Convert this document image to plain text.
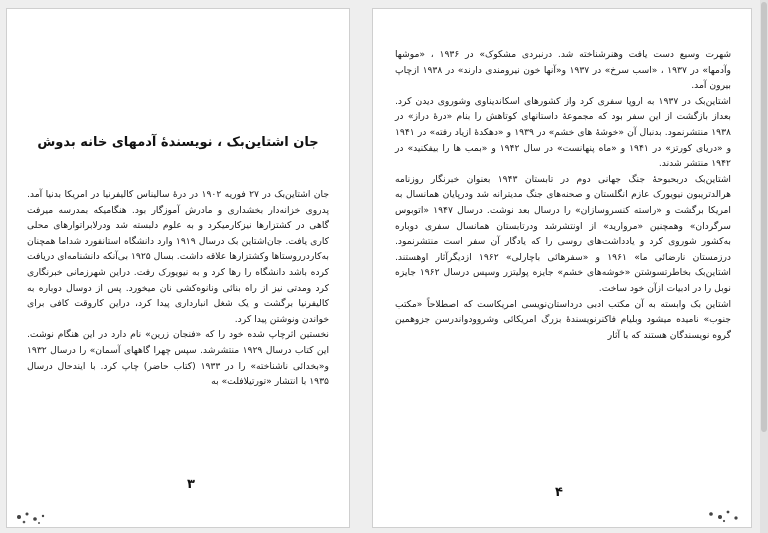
جان اشتاین‌بک ، نویسندهٔ آدمهای خانه بدوش

جان اشتاین‌بک در ۲۷ فوریه ۱۹۰۲ در درهٔ سالیناس کالیفرنیا در امریکا بدنیا آمد. پدروی خزانه‌دار بخشداری و مادرش آموزگار بود. هنگامیکه بمدرسه میرفت گاهی در کشتزارها نیزکارمیکرد و به علوم دلبسته شد ودرلابراتوارهای محلی کاری یافت. جان‌اشتاین بک درسال ۱۹۱۹ وارد دانشگاه استانفورد شداما همچنان به‌کاردرروستاها وکشتزارها علاقه داشت. بسال ۱۹۲۵ بی‌آنکه دانشنامه‌ای دریافت کرده باشد دانشگاه را رها کرد و به نیویورک رفت. دراین شهرزمانی خبرنگاری کرد ومدتی نیز از راه بنائی ونانوه‌کشی نان میخورد. پس از دوسال دوباره به کالیفرنیا برگشت و یک شغل انبارداری پیدا کرد، دراین کاروقت کافی برای خواندن ونوشتن پیدا کرد.

نخستین اثرچاپ شده خود را که «فنجان زرین» نام دارد در این هنگام نوشت. این کتاب درسال ۱۹۲۹ منتشرشد. سپس چهرا گاههای آسمان» را درسال ۱۹۳۲ و«بخدائی ناشناخته» را در ۱۹۳۳ (کتاب حاضر) چاپ کرد. با ایندحال درسال ۱۹۳۵ با انتشار «تورتیلافلت» به

۳

شهرت وسیع دست یافت وهنرشناخته شد. درنبردی مشکوک» در ۱۹۳۶ ، «موشها وآدمها» در ۱۹۳۷ ، «اسب سرخ» در ۱۹۳۷ و«آنها خون نیرومندی دارند» در ۱۹۳۸ ازچاپ بیرون آمد.

اشتاین‌بک در ۱۹۳۷ به اروپا سفری کرد واز کشورهای اسکاندیناوی وشوروی دیدن کرد. بعداز بازگشت از این سفر بود که مجموعهٔ داستانهای کوتاهش را بنام «درهٔ دراز» در ۱۹۳۸ منتشرنمود. بدنبال آن «خوشهٔ های خشم» در ۱۹۳۹ و «دهکدهٔ ازیاد رفته» در ۱۹۴۱ و «دریای کورتز» در ۱۹۴۱ و «ماه پنهانست» در سال ۱۹۴۲ و «بمب ها را بیفکنید» در ۱۹۴۲ منتشر شدند.

اشتاین‌بک دربحبوحهٔ جنگ جهانی دوم در تابستان ۱۹۴۳ بعنوان خبرنگار روزنامه هرالدتریبون نیویورک عازم انگلستان و صحنه‌های جنگ مدیترانه شد ودرپایان همانسال به امریکا برگشت و «راسته کنسروسازان» را درسال بعد نوشت. درسال ۱۹۴۷ «اتوبوس سرگردان» وهمچنین «مروارید» از اونتشرشد ودرتابستان همانسال سفری دوباره به‌کشور شوروی کرد و یادداشت‌های روسی را که یادگار آن سفر است منتشرنمود. درزمستان نارضائی ما» ۱۹۶۱ و «سفرهائی باچارلی» ۱۹۶۲ ازدیگرآثار اوهستند. اشتاین‌بک بخاطرتسوشتن «خوشه‌های خشم» جایزه پولیتزر وسپس درسال ۱۹۶۲ جایزه نوبل را در ادبیات ازآن خود ساخت.

اشتاین بک وابسته به آن مکتب ادبی درداستان‌نویسی امریکاست که اصطلاحاً «مکتب جنوب» نامیده میشود وبلیام فاکنرنویسندهٔ بزرگ امریکائی وشروودواندرسن جزوهمین گروه نویسندگان هستند که با آثار

۴
